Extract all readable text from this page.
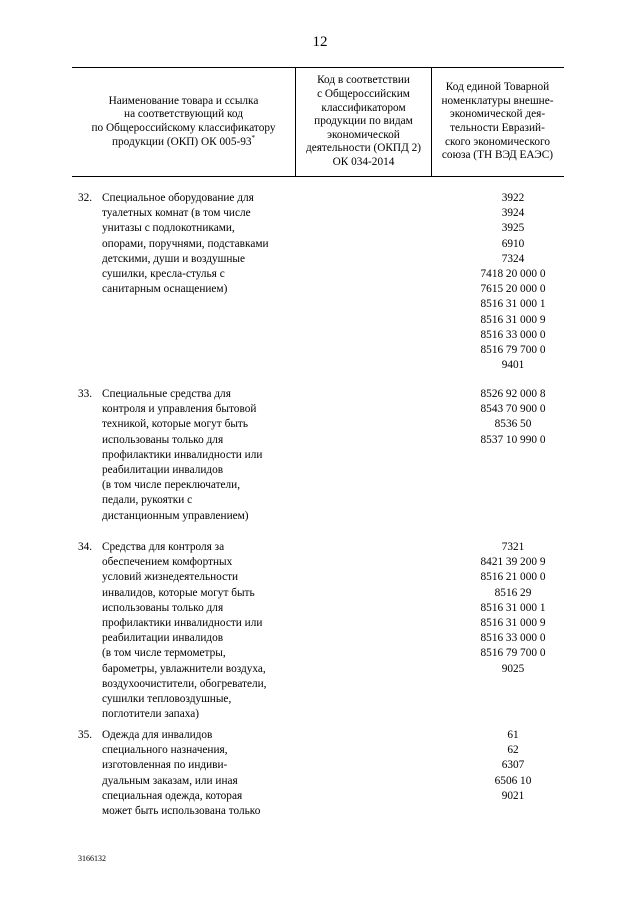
12
Наименование товара и ссылка
на соответствующий код
по Общероссийскому классификатору
продукции (ОКП) ОК 005-93*
Код в соответствии
с Общероссийским
классификатором
продукции по видам
экономической
деятельности (ОКПД 2)
ОК 034-2014
Код единой Товарной
номенклатуры внешне-
экономической дея-
тельности Евразий-
ского экономического
союза (ТН ВЭД ЕАЭС)
32. Специальное оборудование для
туалетных комнат (в том числе
унитазы с подлокотниками,
опорами, поручнями, подставками
детскими, души и воздушные
сушилки, кресла-стулья с
санитарным оснащением)
3922
3924
3925
6910
7324
7418 20 000 0
7615 20 000 0
8516 31 000 1
8516 31 000 9
8516 33 000 0
8516 79 700 0
9401
33. Специальные средства для
контроля и управления бытовой
техникой, которые могут быть
использованы только для
профилактики инвалидности или
реабилитации инвалидов
(в том числе переключатели,
педали, рукоятки с
дистанционным управлением)
8526 92 000 8
8543 70 900 0
8536 50
8537 10 990 0
34. Средства для контроля за
обеспечением комфортных
условий жизнедеятельности
инвалидов, которые могут быть
использованы только для
профилактики инвалидности или
реабилитации инвалидов
(в том числе термометры,
барометры, увлажнители воздуха,
воздухоочистители, обогреватели,
сушилки тепловоздушные,
поглотители запаха)
7321
8421 39 200 9
8516 21 000 0
8516 29
8516 31 000 1
8516 31 000 9
8516 33 000 0
8516 79 700 0
9025
35. Одежда для инвалидов
специального назначения,
изготовленная по индиви-
дуальным заказам, или иная
специальная одежда, которая
может быть использована только
61
62
6307
6506 10
9021
3166132
